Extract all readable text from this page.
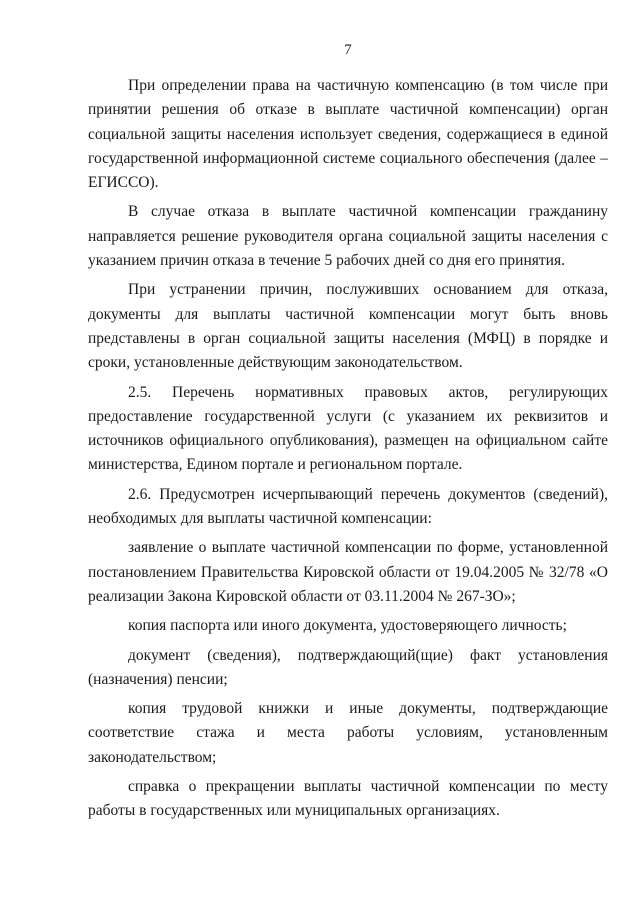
7

При определении права на частичную компенсацию (в том числе при принятии решения об отказе в выплате частичной компенсации) орган социальной защиты населения использует сведения, содержащиеся в единой государственной информационной системе социального обеспечения (далее – ЕГИССО).

В случае отказа в выплате частичной компенсации гражданину направляется решение руководителя органа социальной защиты населения с указанием причин отказа в течение 5 рабочих дней со дня его принятия.

При устранении причин, послуживших основанием для отказа, документы для выплаты частичной компенсации могут быть вновь представлены в орган социальной защиты населения (МФЦ) в порядке и сроки, установленные действующим законодательством.

2.5. Перечень нормативных правовых актов, регулирующих предоставление государственной услуги (с указанием их реквизитов и источников официального опубликования), размещен на официальном сайте министерства, Едином портале и региональном портале.

2.6. Предусмотрен исчерпывающий перечень документов (сведений), необходимых для выплаты частичной компенсации:

заявление о выплате частичной компенсации по форме, установленной постановлением Правительства Кировской области от 19.04.2005 № 32/78 «О реализации Закона Кировской области от 03.11.2004 № 267-ЗО»;

копия паспорта или иного документа, удостоверяющего личность;

документ (сведения), подтверждающий(щие) факт установления (назначения) пенсии;

копия трудовой книжки и иные документы, подтверждающие соответствие стажа и места работы условиям, установленным законодательством;

справка о прекращении выплаты частичной компенсации по месту работы в государственных или муниципальных организациях.
